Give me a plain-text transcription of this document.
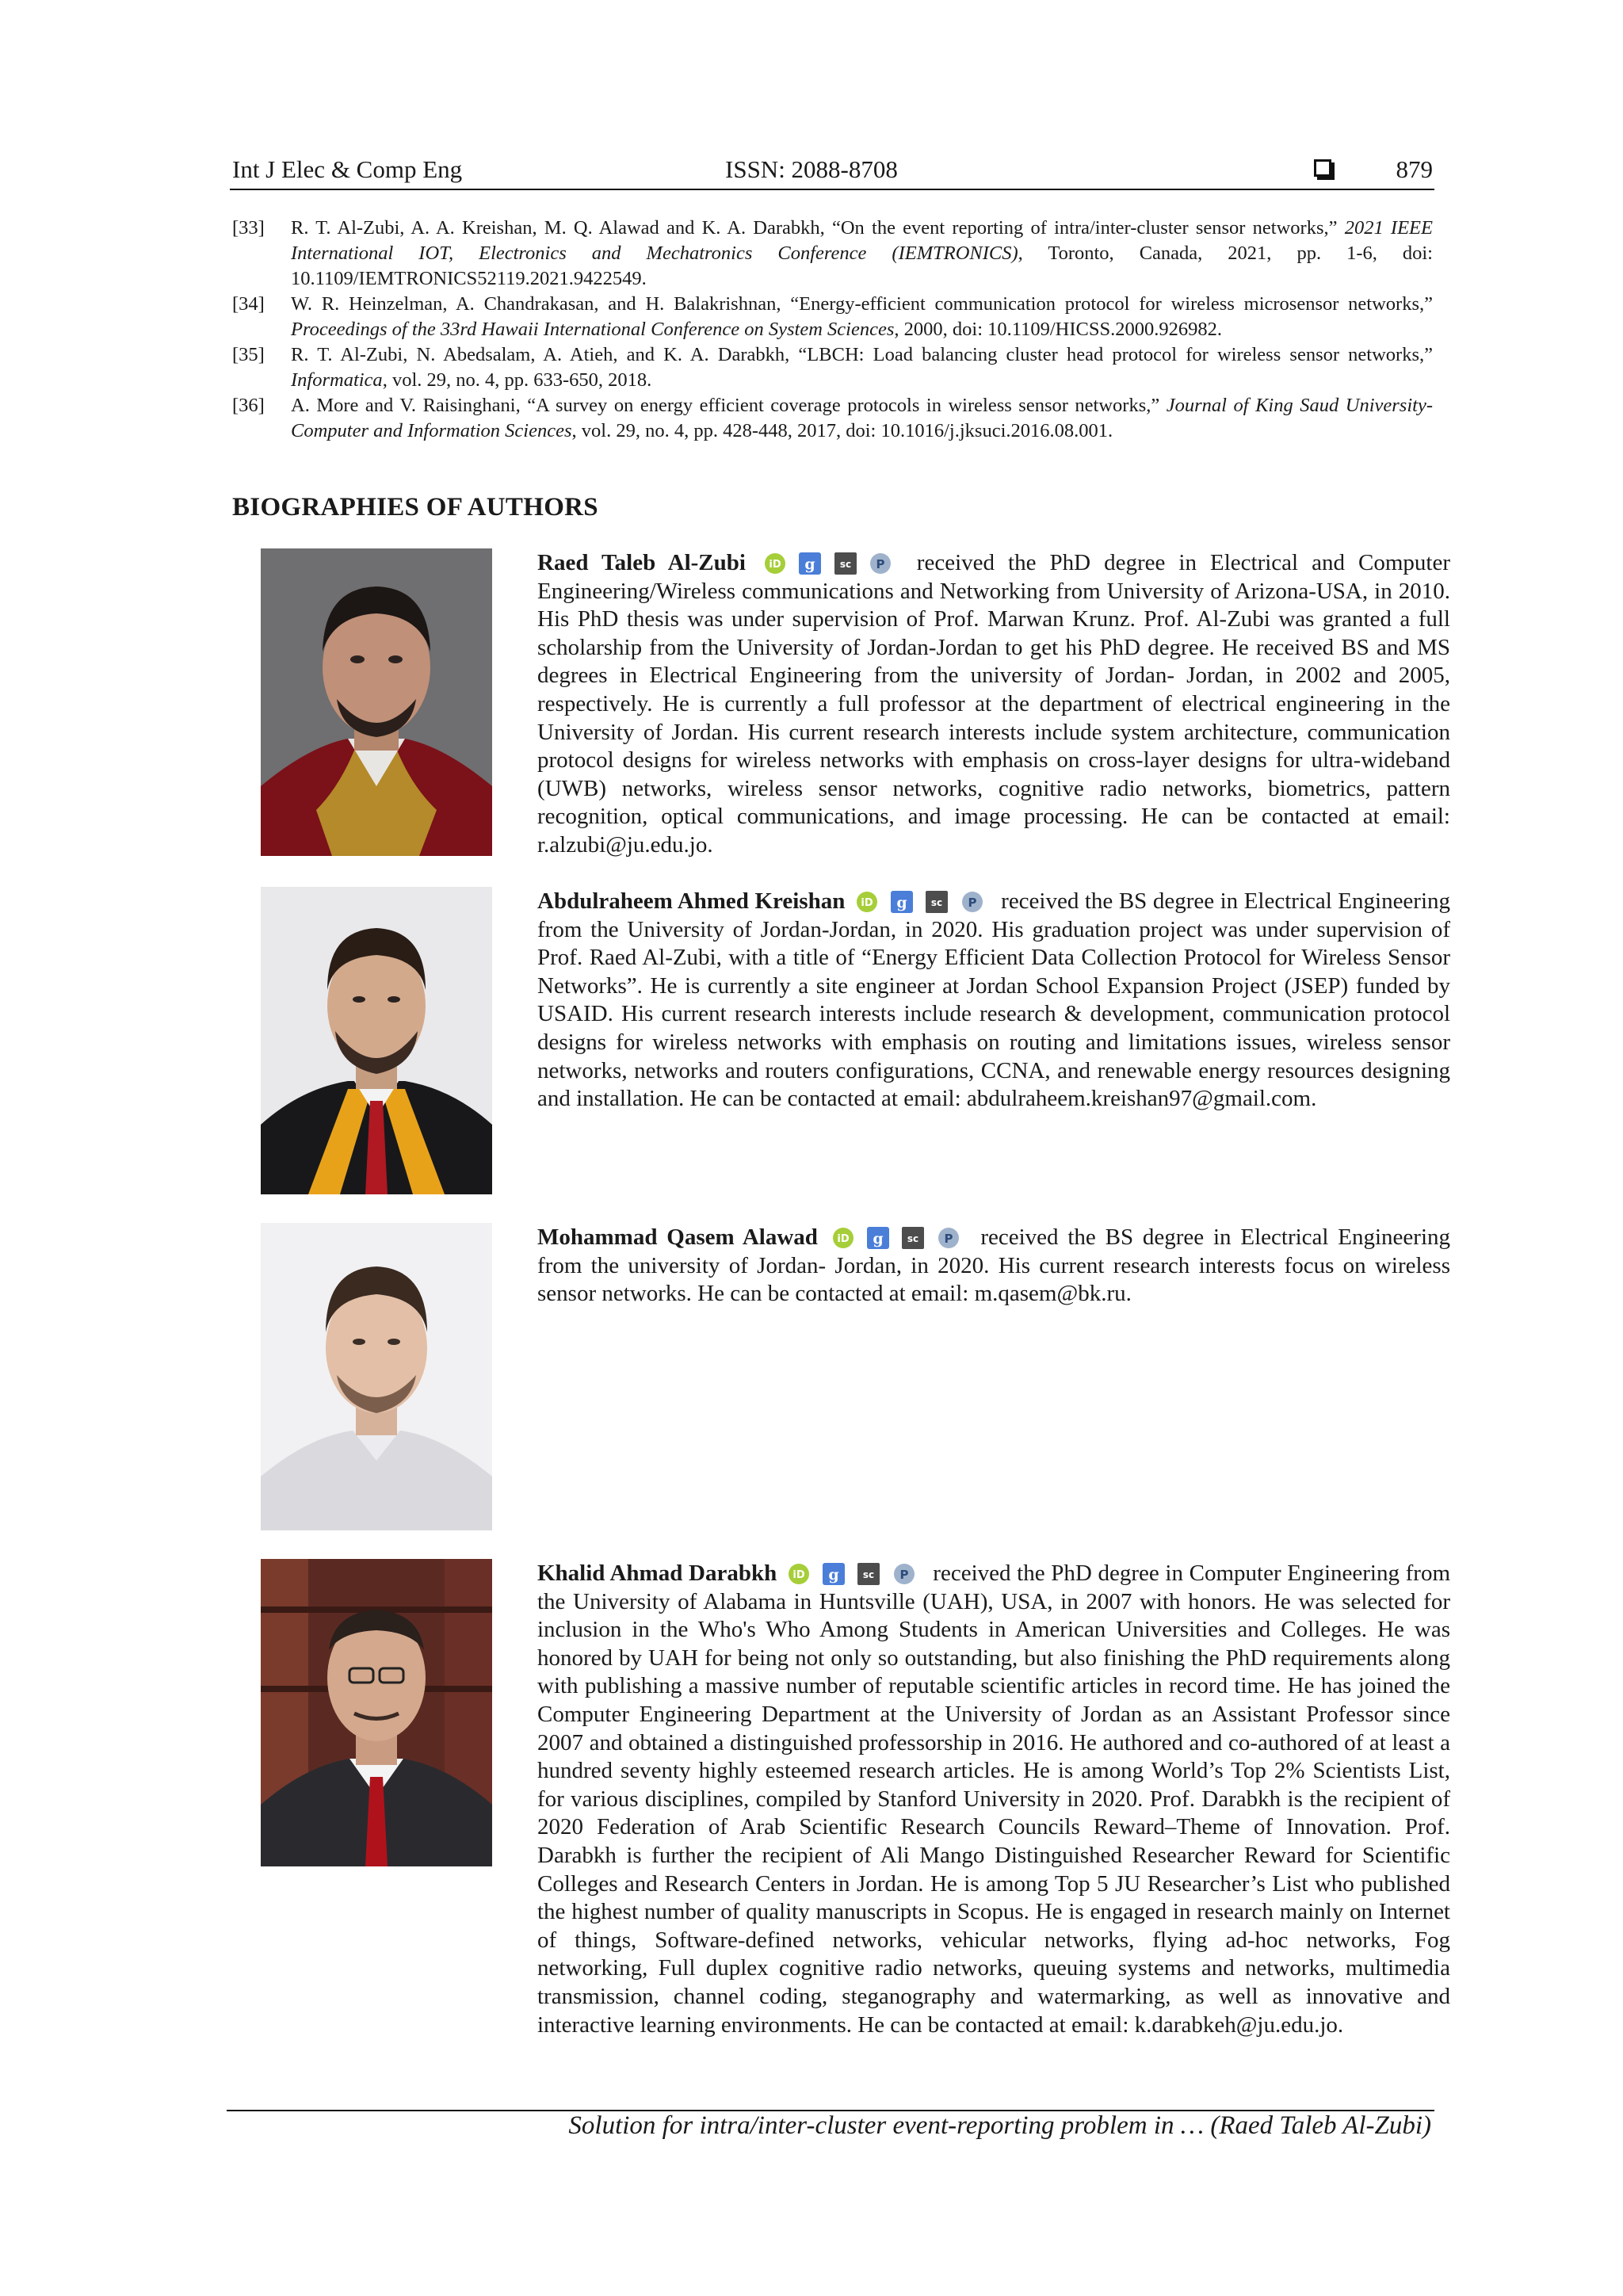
Int J Elec & Comp Eng	ISSN: 2088-8708	879
[33] R. T. Al-Zubi, A. A. Kreishan, M. Q. Alawad and K. A. Darabkh, “On the event reporting of intra/inter-cluster sensor networks,” 2021 IEEE International IOT, Electronics and Mechatronics Conference (IEMTRONICS), Toronto, Canada, 2021, pp. 1-6, doi: 10.1109/IEMTRONICS52119.2021.9422549.
[34] W. R. Heinzelman, A. Chandrakasan, and H. Balakrishnan, “Energy-efficient communication protocol for wireless microsensor networks,” Proceedings of the 33rd Hawaii International Conference on System Sciences, 2000, doi: 10.1109/HICSS.2000.926982.
[35] R. T. Al-Zubi, N. Abedsalam, A. Atieh, and K. A. Darabkh, “LBCH: Load balancing cluster head protocol for wireless sensor networks,” Informatica, vol. 29, no. 4, pp. 633-650, 2018.
[36] A. More and V. Raisinghani, “A survey on energy efficient coverage protocols in wireless sensor networks,” Journal of King Saud University-Computer and Information Sciences, vol. 29, no. 4, pp. 428-448, 2017, doi: 10.1016/j.jksuci.2016.08.001.
BIOGRAPHIES OF AUTHORS
Raed Taleb Al-Zubi iD
g
	sc
P received the PhD degree in Electrical and Computer Engineering/Wireless communications and Networking from University of Arizona-USA, in 2010. His PhD thesis was under supervision of Prof. Marwan Krunz. Prof. Al-Zubi was granted a full scholarship from the University of Jordan-Jordan to get his PhD degree. He received BS and MS degrees in Electrical Engineering from the university of Jordan- Jordan, in 2002 and 2005, respectively. He is currently a full professor at the department of electrical engineering in the University of Jordan. His current research interests include system architecture, communication protocol designs for wireless networks with emphasis on cross-layer designs for ultra-wideband (UWB) networks, wireless sensor networks, cognitive radio networks, biometrics, pattern recognition, optical communications, and image processing. He can be contacted at email: r.alzubi@ju.edu.jo.
Abdulraheem Ahmed Kreishan iD
g
	sc
P received the BS degree in Electrical Engineering from the University of Jordan-Jordan, in 2020. His graduation project was under supervision of Prof. Raed Al-Zubi, with a title of “Energy Efficient Data Collection Protocol for Wireless Sensor Networks”. He is currently a site engineer at Jordan School Expansion Project (JSEP) funded by USAID. His current research interests include research & development, communication protocol designs for wireless networks with emphasis on routing and limitations issues, wireless sensor networks, networks and routers configurations, CCNA, and renewable energy resources designing and installation. He can be contacted at email: abdulraheem.kreishan97@gmail.com.
Mohammad Qasem Alawad iD
g
	sc
P received the BS degree in Electrical Engineering from the university of Jordan- Jordan, in 2020. His current research interests focus on wireless sensor networks. He can be contacted at email: m.qasem@bk.ru.
Khalid Ahmad Darabkh iD
g
	sc
P received the PhD degree in Computer Engineering from the University of Alabama in Huntsville (UAH), USA, in 2007 with honors. He was selected for inclusion in the Who's Who Among Students in American Universities and Colleges. He was honored by UAH for being not only so outstanding, but also finishing the PhD requirements along with publishing a massive number of reputable scientific articles in record time. He has joined the Computer Engineering Department at the University of Jordan as an Assistant Professor since 2007 and obtained a distinguished professorship in 2016. He authored and co-authored of at least a hundred seventy highly esteemed research articles. He is among World’s Top 2% Scientists List, for various disciplines, compiled by Stanford University in 2020. Prof. Darabkh is the recipient of 2020 Federation of Arab Scientific Research Councils Reward–Theme of Innovation. Prof. Darabkh is further the recipient of Ali Mango Distinguished Researcher Reward for Scientific Colleges and Research Centers in Jordan. He is among Top 5 JU Researcher’s List who published the highest number of quality manuscripts in Scopus. He is engaged in research mainly on Internet of things, Software-defined networks, vehicular networks, flying ad-hoc networks, Fog networking, Full duplex cognitive radio networks, queuing systems and networks, multimedia transmission, channel coding, steganography and watermarking, as well as innovative and interactive learning environments. He can be contacted at email: k.darabkeh@ju.edu.jo.
Solution for intra/inter-cluster event-reporting problem in … (Raed Taleb Al-Zubi)
